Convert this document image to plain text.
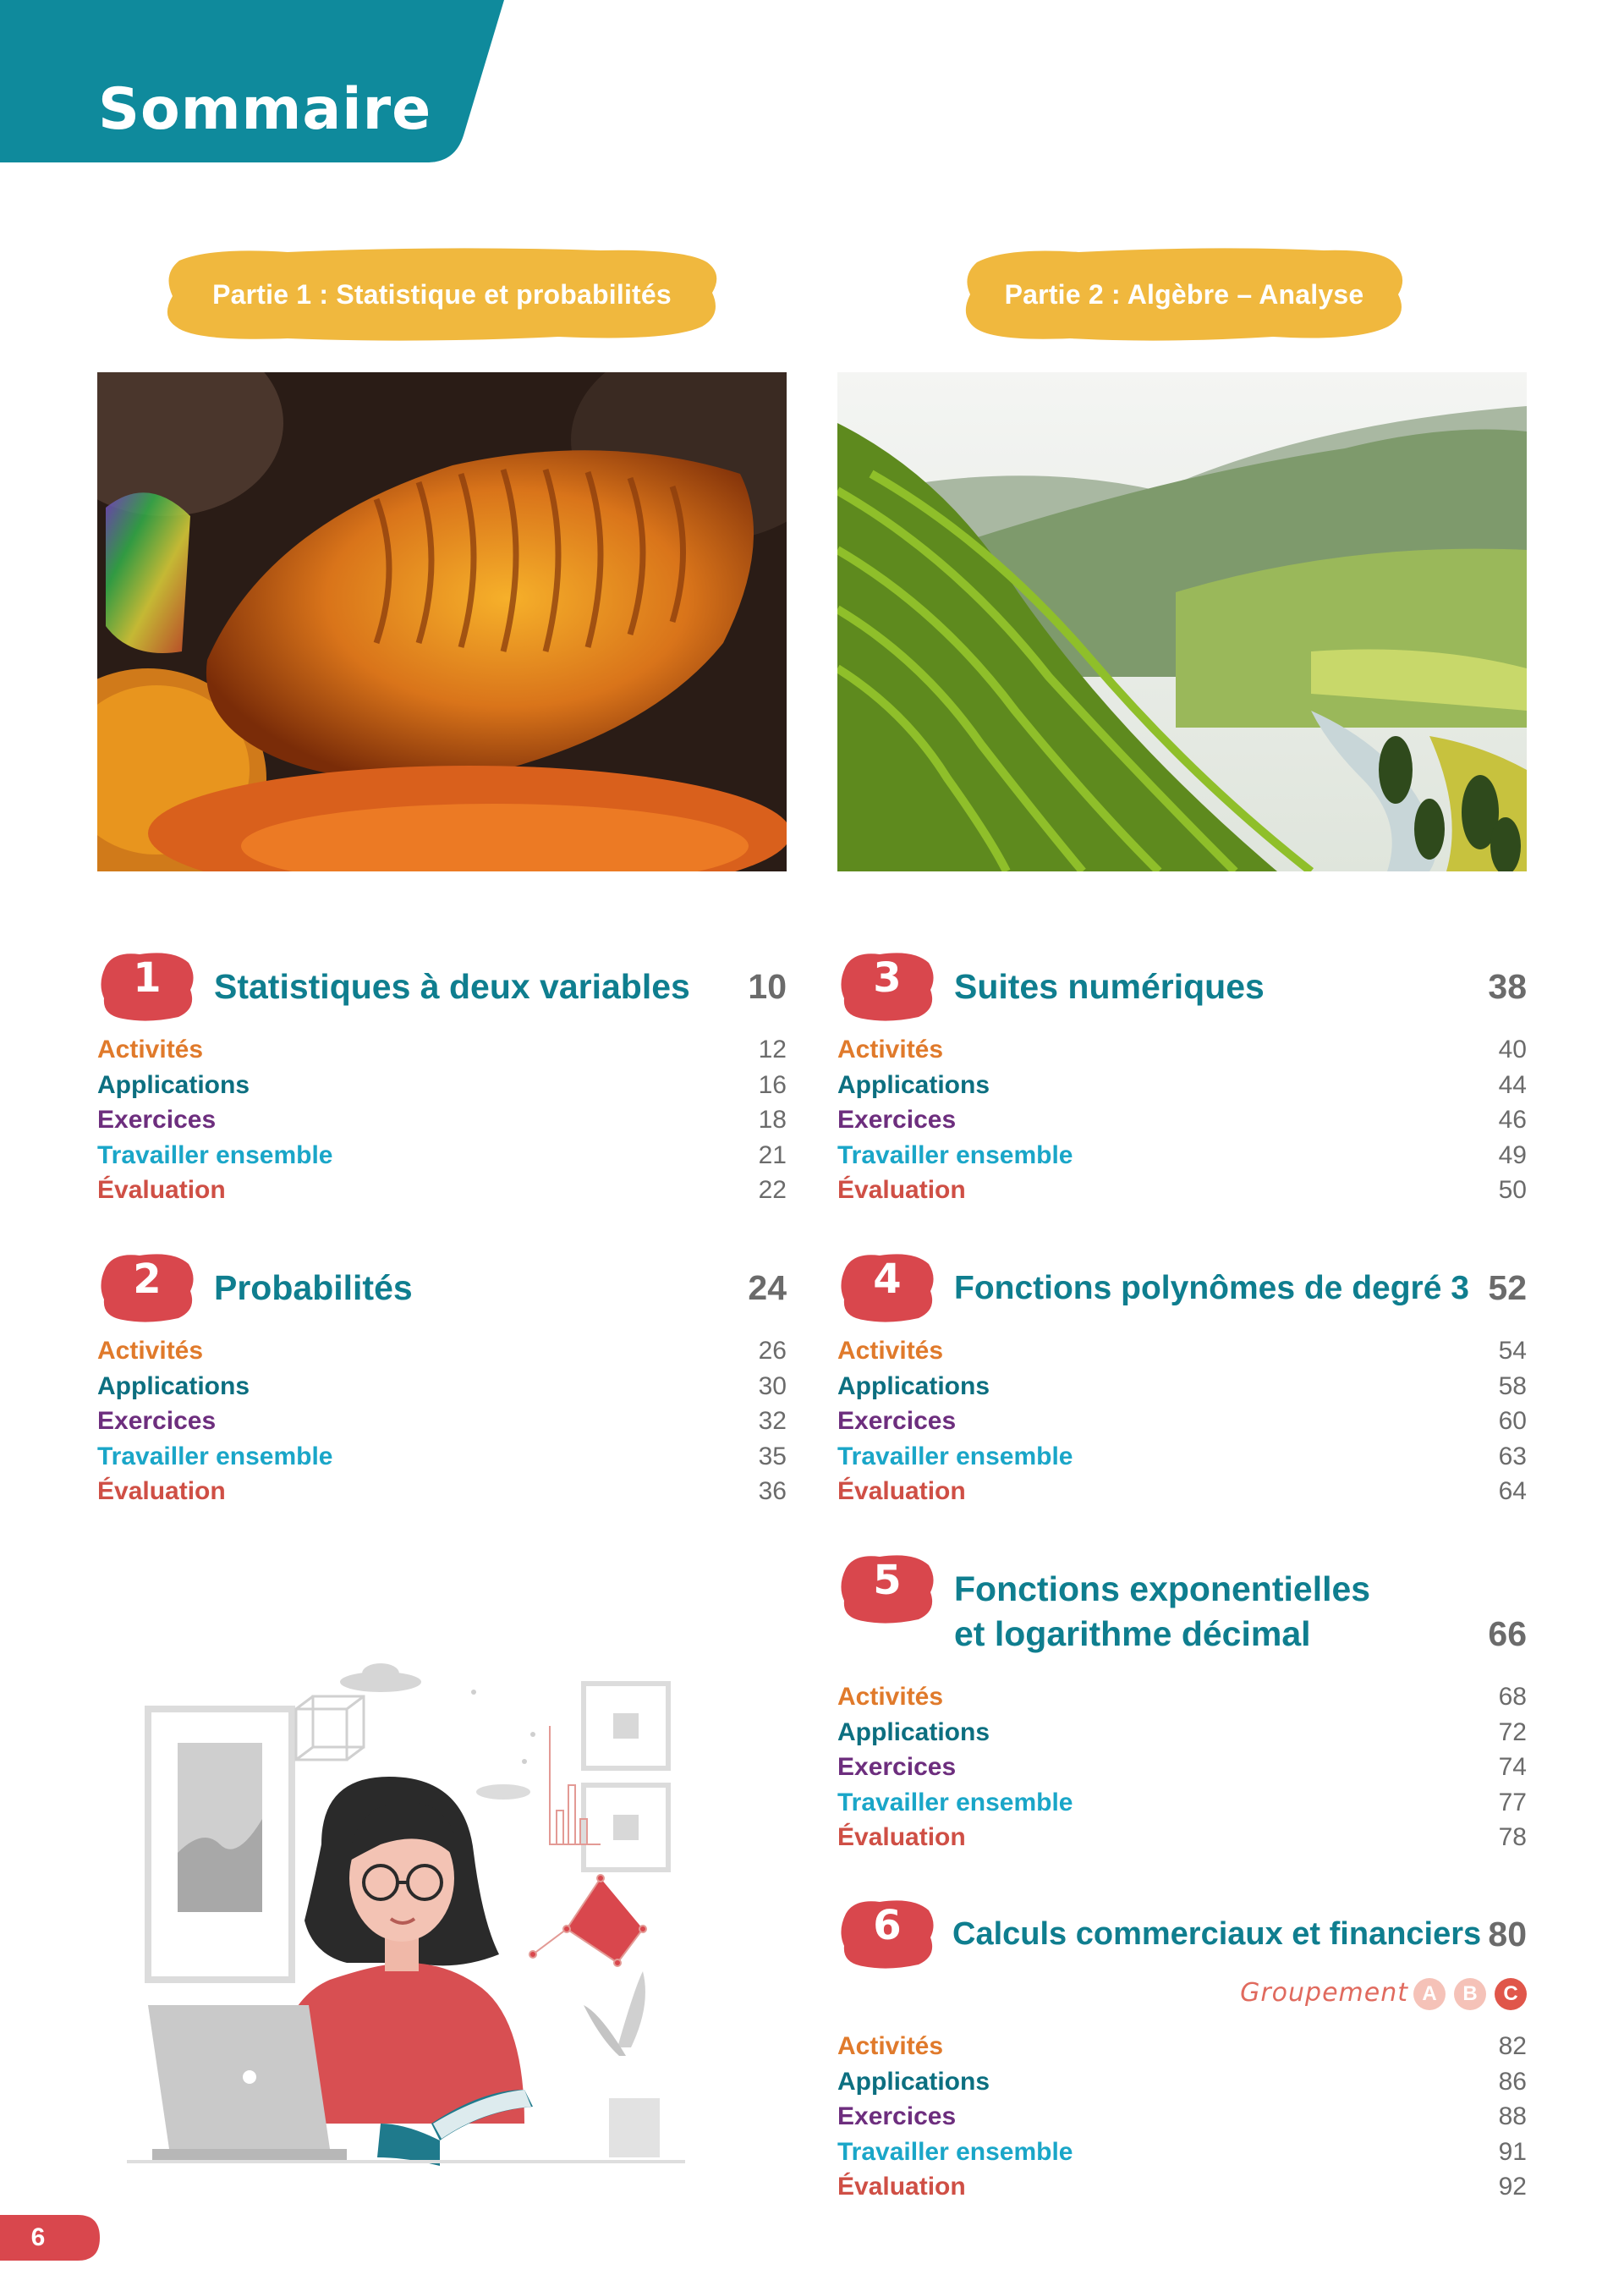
Sommaire
Partie 1 : Statistique et probabilités	Partie 2 : Algèbre – Analyse
1	Statistiques à deux variables 10
Activités	12
Applications	16
Exercices	18
Travailler ensemble	21
Évaluation	22
2	Probabilités	24
Activités	26
Applications	30
Exercices	32
Travailler ensemble	35
Évaluation	36
3	Suites numériques	38
Activités	40
Applications	44
Exercices	46
Travailler ensemble	49
Évaluation	50
4	Fonctions polynômes de degré 3 52
Activités	54
Applications	58
Exercices	60
Travailler ensemble	63
Évaluation	64
5	Fonctions exponentielles
et logarithme décimal	66
Activités	68
Applications	72
Exercices	74
Travailler ensemble	77
Évaluation	78
6	Calculs commerciaux et financiers 80
Groupement A	B	C
Activités	82
Applications	86
Exercices	88
Travailler ensemble	91
Évaluation	92
6
